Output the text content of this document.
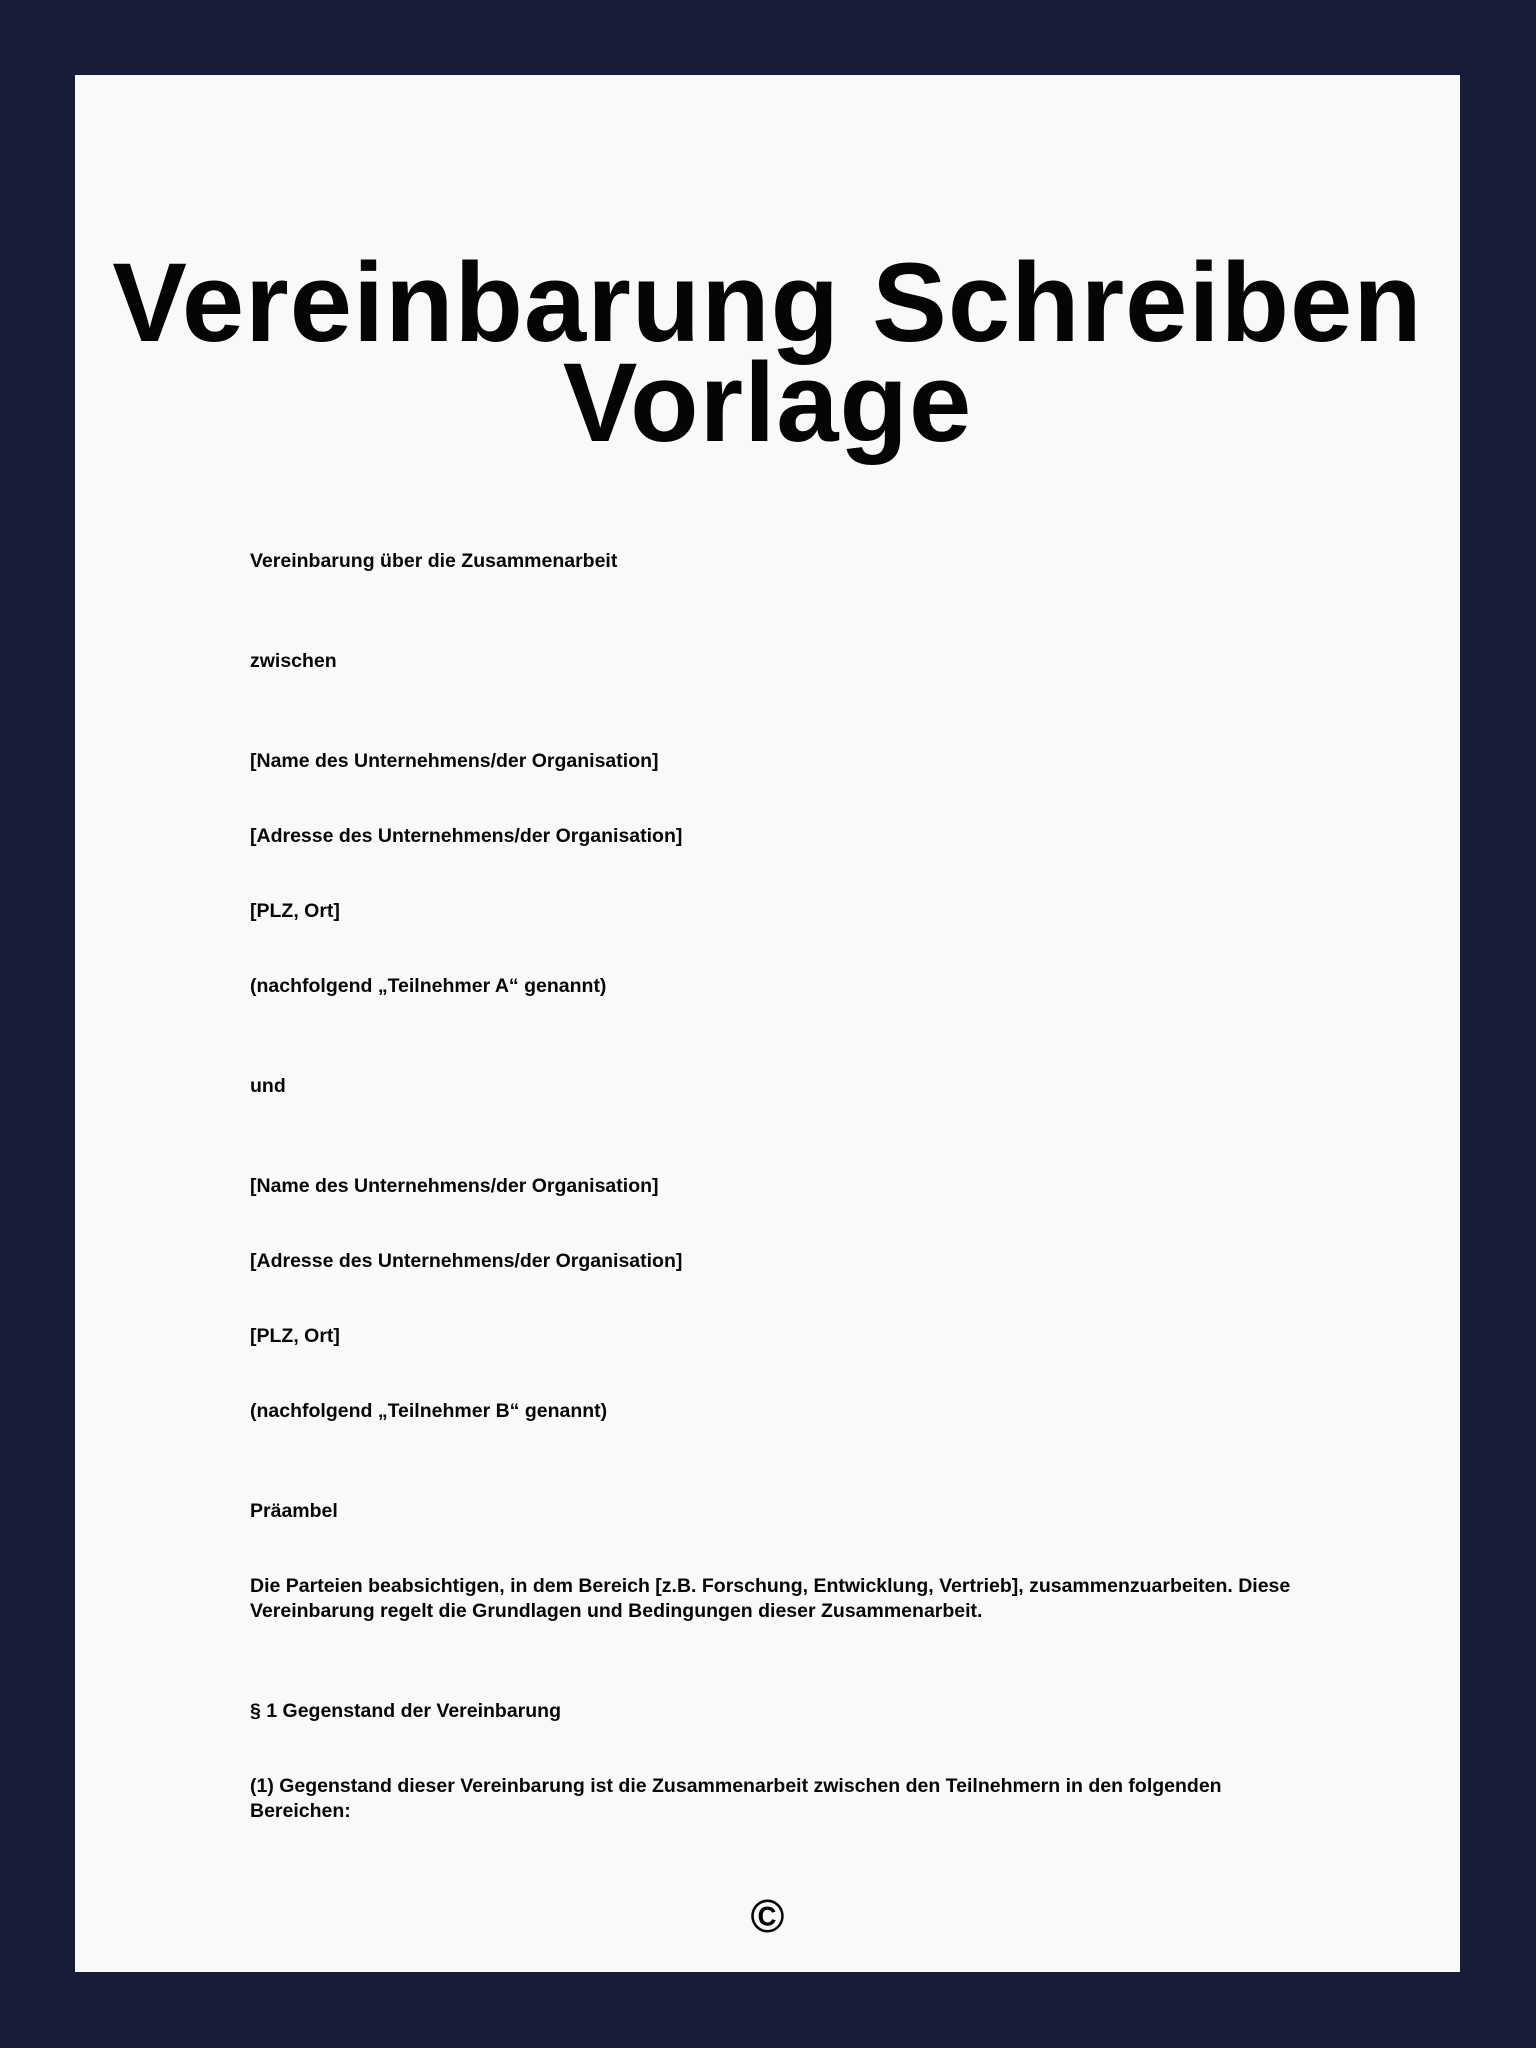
Vereinbarung Schreiben
Vorlage

Vereinbarung über die Zusammenarbeit

zwischen

[Name des Unternehmens/der Organisation]

[Adresse des Unternehmens/der Organisation]

[PLZ, Ort]

(nachfolgend „Teilnehmer A“ genannt)

und

[Name des Unternehmens/der Organisation]

[Adresse des Unternehmens/der Organisation]

[PLZ, Ort]

(nachfolgend „Teilnehmer B“ genannt)

Präambel

Die Parteien beabsichtigen, in dem Bereich [z.B. Forschung, Entwicklung, Vertrieb], zusammenzuarbeiten. Diese Vereinbarung regelt die Grundlagen und Bedingungen dieser Zusammenarbeit.

§ 1 Gegenstand der Vereinbarung

(1) Gegenstand dieser Vereinbarung ist die Zusammenarbeit zwischen den Teilnehmern in den folgenden Bereichen:

©
